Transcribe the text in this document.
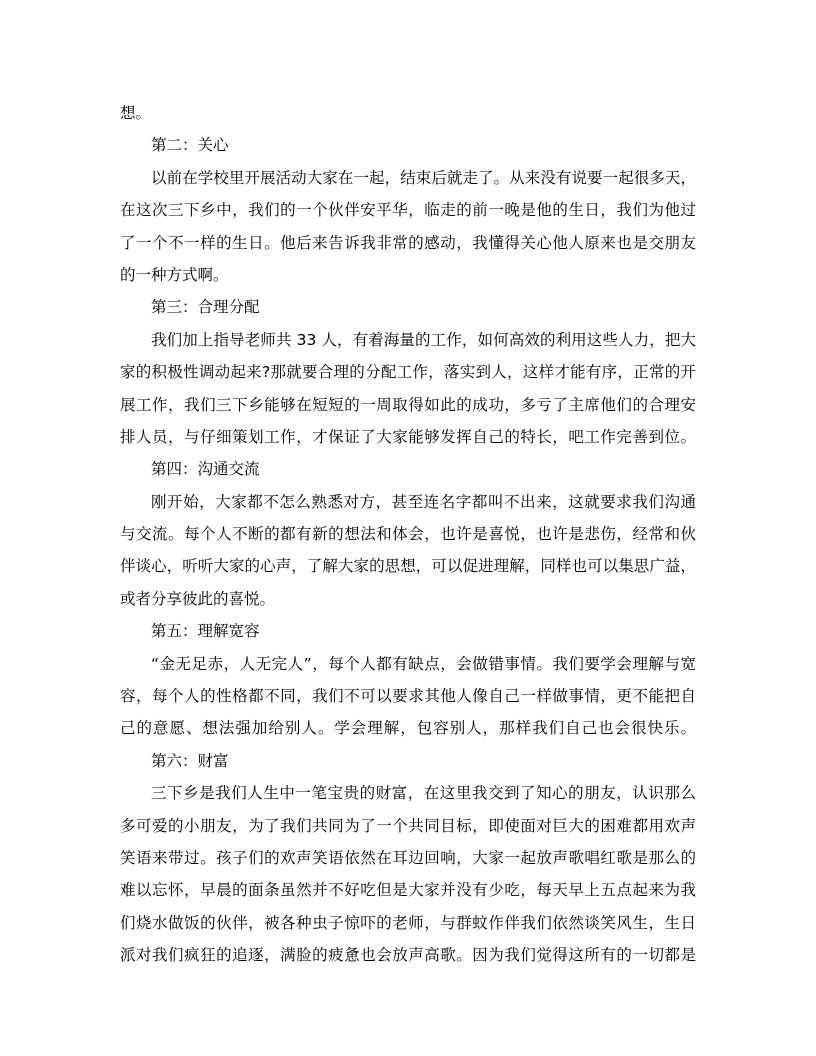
想。
第二：关心
以前在学校里开展活动大家在一起，结束后就走了。从来没有说要一起很多天，
在这次三下乡中，我们的一个伙伴安平华，临走的前一晚是他的生日，我们为他过
了一个不一样的生日。他后来告诉我非常的感动，我懂得关心他人原来也是交朋友
的一种方式啊。
第三：合理分配
我们加上指导老师共 33 人，有着海量的工作，如何高效的利用这些人力，把大
家的积极性调动起来?那就要合理的分配工作，落实到人，这样才能有序，正常的开
展工作，我们三下乡能够在短短的一周取得如此的成功，多亏了主席他们的合理安
排人员，与仔细策划工作，才保证了大家能够发挥自己的特长，吧工作完善到位。
第四：沟通交流
刚开始，大家都不怎么熟悉对方，甚至连名字都叫不出来，这就要求我们沟通
与交流。每个人不断的都有新的想法和体会，也许是喜悦，也许是悲伤，经常和伙
伴谈心，听听大家的心声，了解大家的思想，可以促进理解，同样也可以集思广益，
或者分享彼此的喜悦。
第五：理解宽容
“金无足赤，人无完人”，每个人都有缺点，会做错事情。我们要学会理解与宽
容，每个人的性格都不同，我们不可以要求其他人像自己一样做事情，更不能把自
己的意愿、想法强加给别人。学会理解，包容别人，那样我们自己也会很快乐。
第六：财富
三下乡是我们人生中一笔宝贵的财富，在这里我交到了知心的朋友，认识那么
多可爱的小朋友，为了我们共同为了一个共同目标，即使面对巨大的困难都用欢声
笑语来带过。孩子们的欢声笑语依然在耳边回响，大家一起放声歌唱红歌是那么的
难以忘怀，早晨的面条虽然并不好吃但是大家并没有少吃，每天早上五点起来为我
们烧水做饭的伙伴，被各种虫子惊吓的老师，与群蚊作伴我们依然谈笑风生，生日
派对我们疯狂的追逐，满脸的疲惫也会放声高歌。因为我们觉得这所有的一切都是
